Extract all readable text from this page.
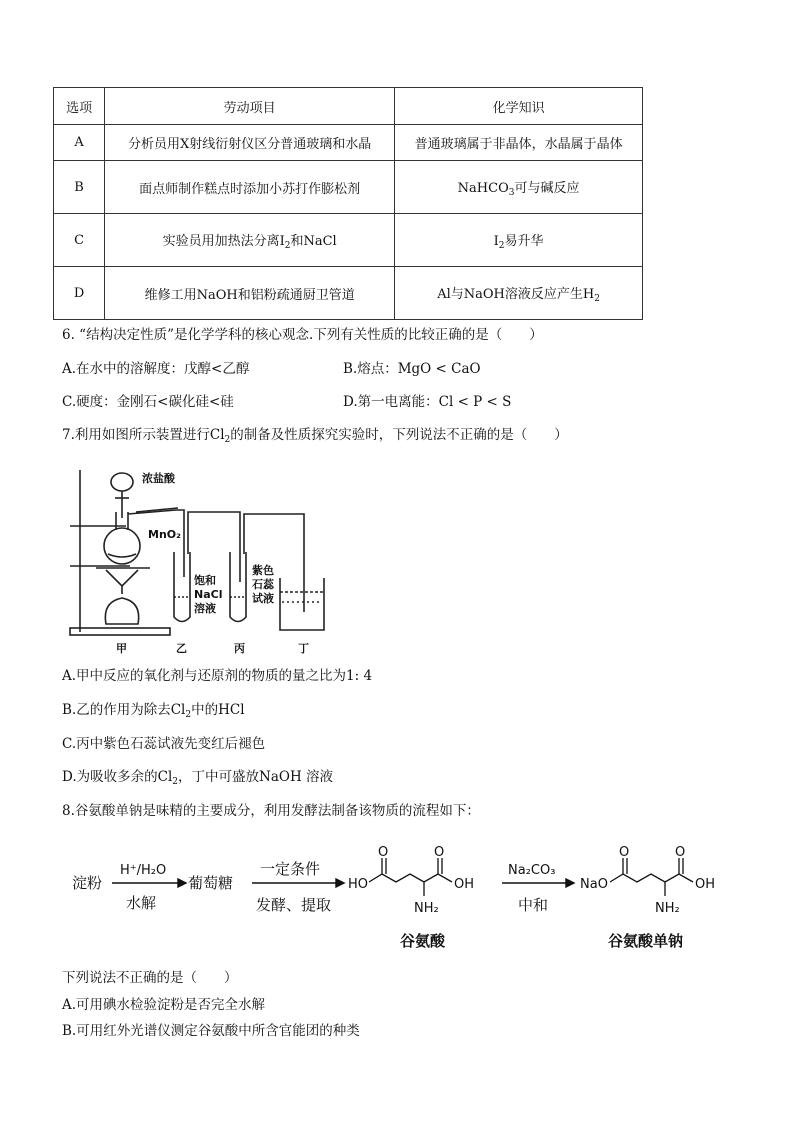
选项	劳动项目	化学知识
A	分析员用X射线衍射仪区分普通玻璃和水晶	普通玻璃属于非晶体，水晶属于晶体
B	面点师制作糕点时添加小苏打作膨松剂	NaHCO$_3$可与碱反应
C	实验员用加热法分离$I_2$和NaCl	$I_2$易升华
D	维修工用NaOH和铝粉疏通厨卫管道	Al与NaOH溶液反应产生$H_2$
6. “结构决定性质”是化学学科的核心观念.下列有关性质的比较正确的是（　　）
A.在水中的溶解度：戊醇<乙醇	B.熔点：MgO < CaO
C.硬度：金刚石<碳化硅<硅	D.第一电离能：Cl < P < S
7.利用如图所示装置进行$Cl_2$的制备及性质探究实验时，下列说法不正确的是（　　）
浓盐酸
MnO₂
饱和
NaCl
溶液
紫色
石蕊
试液
甲	乙	丙	丁
A.甲中反应的氧化剂与还原剂的物质的量之比为1: 4
B.乙的作用为除去$Cl_2$中的HCl
C.丙中紫色石蕊试液先变红后褪色
D.为吸收多余的$Cl_2$，丁中可盛放NaOH 溶液
8.谷氨酸单钠是味精的主要成分，利用发酵法制备该物质的流程如下：
淀粉
H⁺/H₂O
水解
葡萄糖
一定条件
发酵、提取
Na₂CO₃
中和
谷氨酸	谷氨酸单钠
HO
O	O
OH
NH₂
NaO
O	O
OH
NH₂
下列说法不正确的是（　　）
A.可用碘水检验淀粉是否完全水解
B.可用红外光谱仪测定谷氨酸中所含官能团的种类
